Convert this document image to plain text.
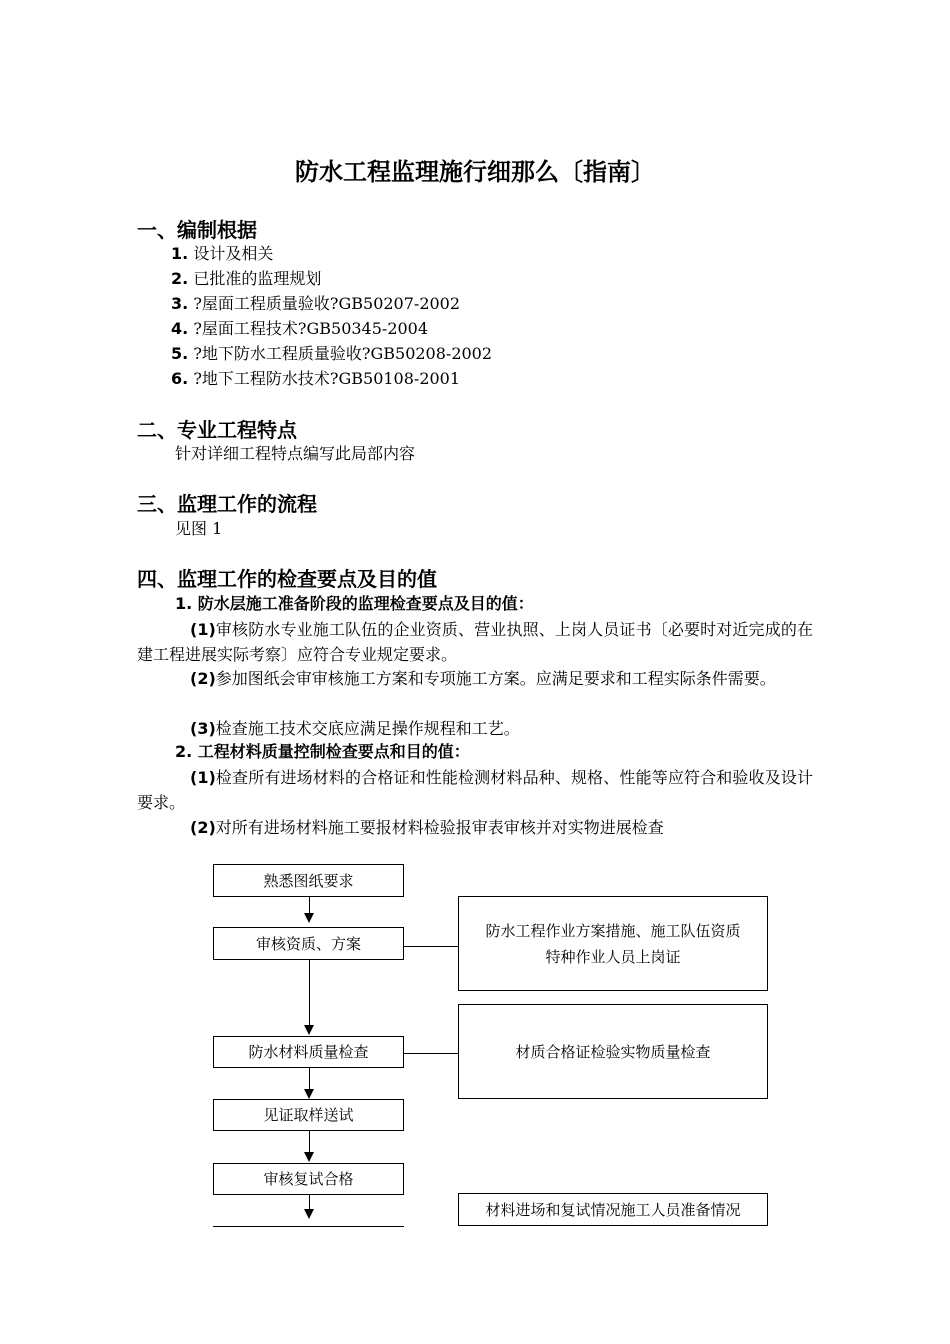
防水工程监理施行细那么〔指南〕
一、编制根据
1. 设计及相关
2. 已批准的监理规划
3. ?屋面工程质量验收?GB50207-2002
4. ?屋面工程技术?GB50345-2004
5. ?地下防水工程质量验收?GB50208-2002
6. ?地下工程防水技术?GB50108-2001
二、专业工程特点
针对详细工程特点编写此局部内容
三、监理工作的流程
见图 1
四、监理工作的检查要点及目的值
1. 防水层施工准备阶段的监理检查要点及目的值：
(1)审核防水专业施工队伍的企业资质、营业执照、上岗人员证书〔必要时对近完成的在建工程进展实际考察〕应符合专业规定要求。
(2)参加图纸会审审核施工方案和专项施工方案。应满足要求和工程实际条件需要。
(3)检查施工技术交底应满足操作规程和工艺。
2. 工程材料质量控制检查要点和目的值：
(1)检查所有进场材料的合格证和性能检测材料品种、规格、性能等应符合和验收及设计要求。
(2)对所有进场材料施工要报材料检验报审表审核并对实物进展检查
熟悉图纸要求
审核资质、方案
防水材料质量检查
见证取样送试
审核复试合格
防水工程作业方案措施、施工队伍资质
特种作业人员上岗证
材质合格证检验实物质量检查
材料进场和复试情况施工人员准备情况
